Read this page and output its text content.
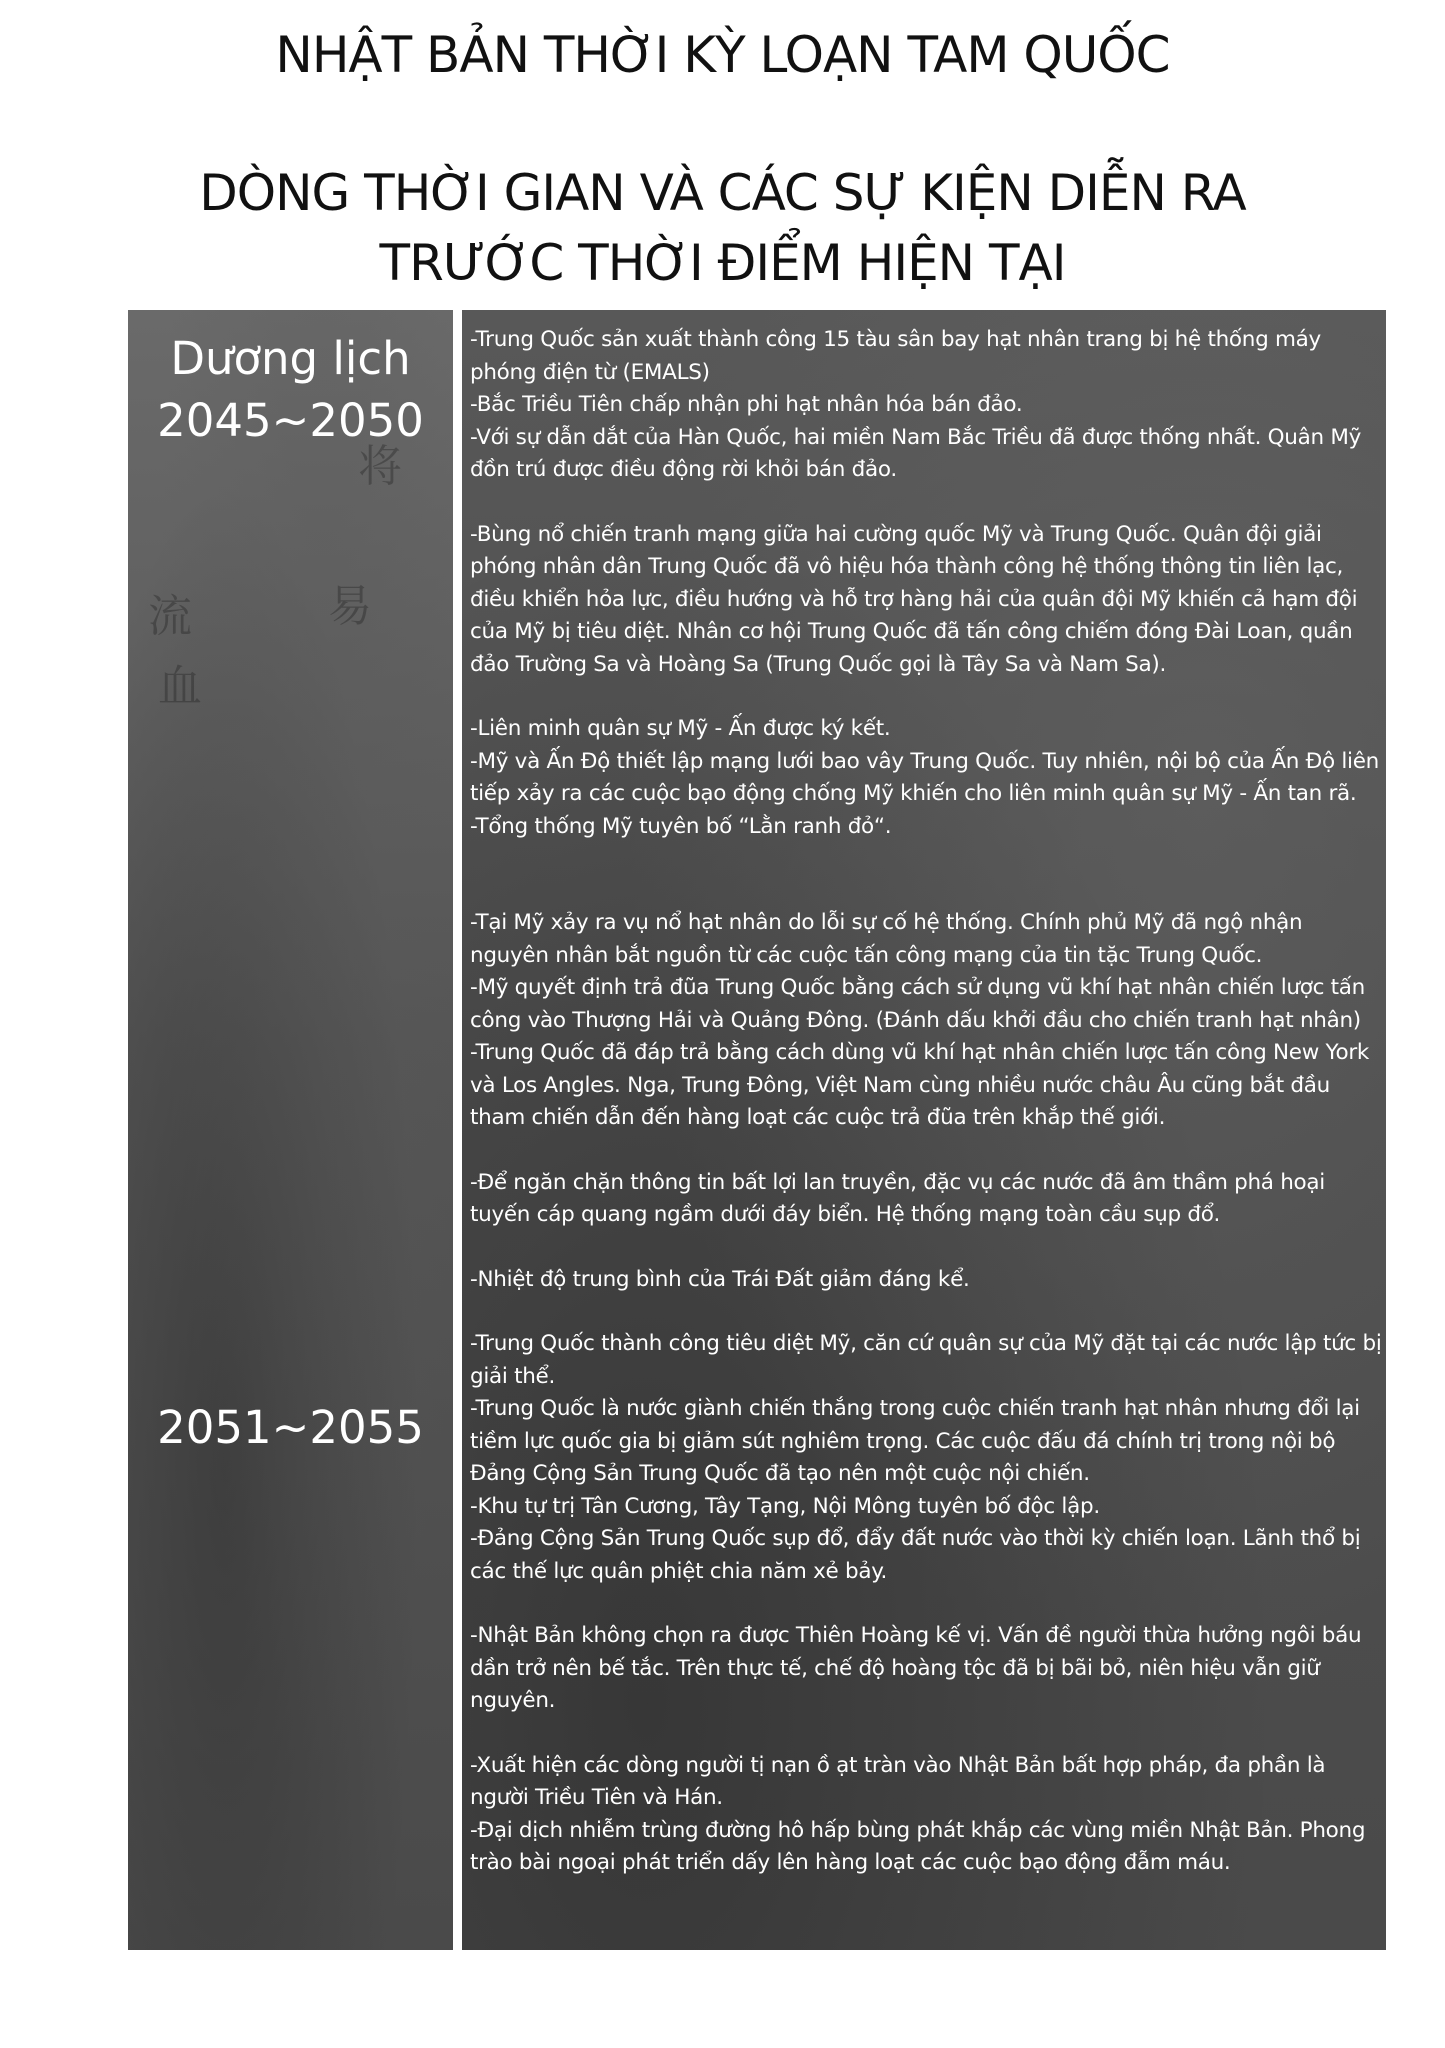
NHẬT BẢN THỜI KỲ LOẠN TAM QUỐC
DÒNG THỜI GIAN VÀ CÁC SỰ KIỆN DIỄN RA
TRƯỚC THỜI ĐIỂM HIỆN TẠI
将
流
血
易
Dương lịch
2045~2050
2051~2055

-Trung Quốc sản xuất thành công 15 tàu sân bay hạt nhân trang bị hệ thống máy phóng điện từ (EMALS)

-Bắc Triều Tiên chấp nhận phi hạt nhân hóa bán đảo.

-Với sự dẫn dắt của Hàn Quốc, hai miền Nam Bắc Triều đã được thống nhất. Quân Mỹ đồn trú được điều động rời khỏi bán đảo.

-Bùng nổ chiến tranh mạng giữa hai cường quốc Mỹ và Trung Quốc. Quân đội giải phóng nhân dân Trung Quốc đã vô hiệu hóa thành công hệ thống thông tin liên lạc, điều khiển hỏa lực, điều hướng và hỗ trợ hàng hải của quân đội Mỹ khiến cả hạm đội của Mỹ bị tiêu diệt. Nhân cơ hội Trung Quốc đã tấn công chiếm đóng Đài Loan, quần đảo Trường Sa và Hoàng Sa (Trung Quốc gọi là Tây Sa và Nam Sa).

-Liên minh quân sự Mỹ - Ấn được ký kết.

-Mỹ và Ấn Độ thiết lập mạng lưới bao vây Trung Quốc. Tuy nhiên, nội bộ của Ấn Độ liên tiếp xảy ra các cuộc bạo động chống Mỹ khiến cho liên minh quân sự Mỹ - Ấn tan rã.

-Tổng thống Mỹ tuyên bố “Lằn ranh đỏ“.

-Tại Mỹ xảy ra vụ nổ hạt nhân do lỗi sự cố hệ thống. Chính phủ Mỹ đã ngộ nhận nguyên nhân bắt nguồn từ các cuộc tấn công mạng của tin tặc Trung Quốc.

-Mỹ quyết định trả đũa Trung Quốc bằng cách sử dụng vũ khí hạt nhân chiến lược tấn công vào Thượng Hải và Quảng Đông. (Đánh dấu khởi đầu cho chiến tranh hạt nhân)

-Trung Quốc đã đáp trả bằng cách dùng vũ khí hạt nhân chiến lược tấn công New York và Los Angles. Nga, Trung Đông, Việt Nam cùng nhiều nước châu Âu cũng bắt đầu tham chiến dẫn đến hàng loạt các cuộc trả đũa trên khắp thế giới.

-Để ngăn chặn thông tin bất lợi lan truyền, đặc vụ các nước đã âm thầm phá hoại tuyến cáp quang ngầm dưới đáy biển. Hệ thống mạng toàn cầu sụp đổ.

-Nhiệt độ trung bình của Trái Đất giảm đáng kể.

-Trung Quốc thành công tiêu diệt Mỹ, căn cứ quân sự của Mỹ đặt tại các nước lập tức bị giải thể.

-Trung Quốc là nước giành chiến thắng trong cuộc chiến tranh hạt nhân nhưng đổi lại tiềm lực quốc gia bị giảm sút nghiêm trọng. Các cuộc đấu đá chính trị trong nội bộ Đảng Cộng Sản Trung Quốc đã tạo nên một cuộc nội chiến.

-Khu tự trị Tân Cương, Tây Tạng, Nội Mông tuyên bố độc lập.

-Đảng Cộng Sản Trung Quốc sụp đổ, đẩy đất nước vào thời kỳ chiến loạn. Lãnh thổ bị các thế lực quân phiệt chia năm xẻ bảy.

-Nhật Bản không chọn ra được Thiên Hoàng kế vị. Vấn đề người thừa hưởng ngôi báu dần trở nên bế tắc. Trên thực tế, chế độ hoàng tộc đã bị bãi bỏ, niên hiệu vẫn giữ nguyên.

-Xuất hiện các dòng người tị nạn ồ ạt tràn vào Nhật Bản bất hợp pháp, đa phần là người Triều Tiên và Hán.

-Đại dịch nhiễm trùng đường hô hấp bùng phát khắp các vùng miền Nhật Bản. Phong trào bài ngoại phát triển dấy lên hàng loạt các cuộc bạo động đẫm máu.
